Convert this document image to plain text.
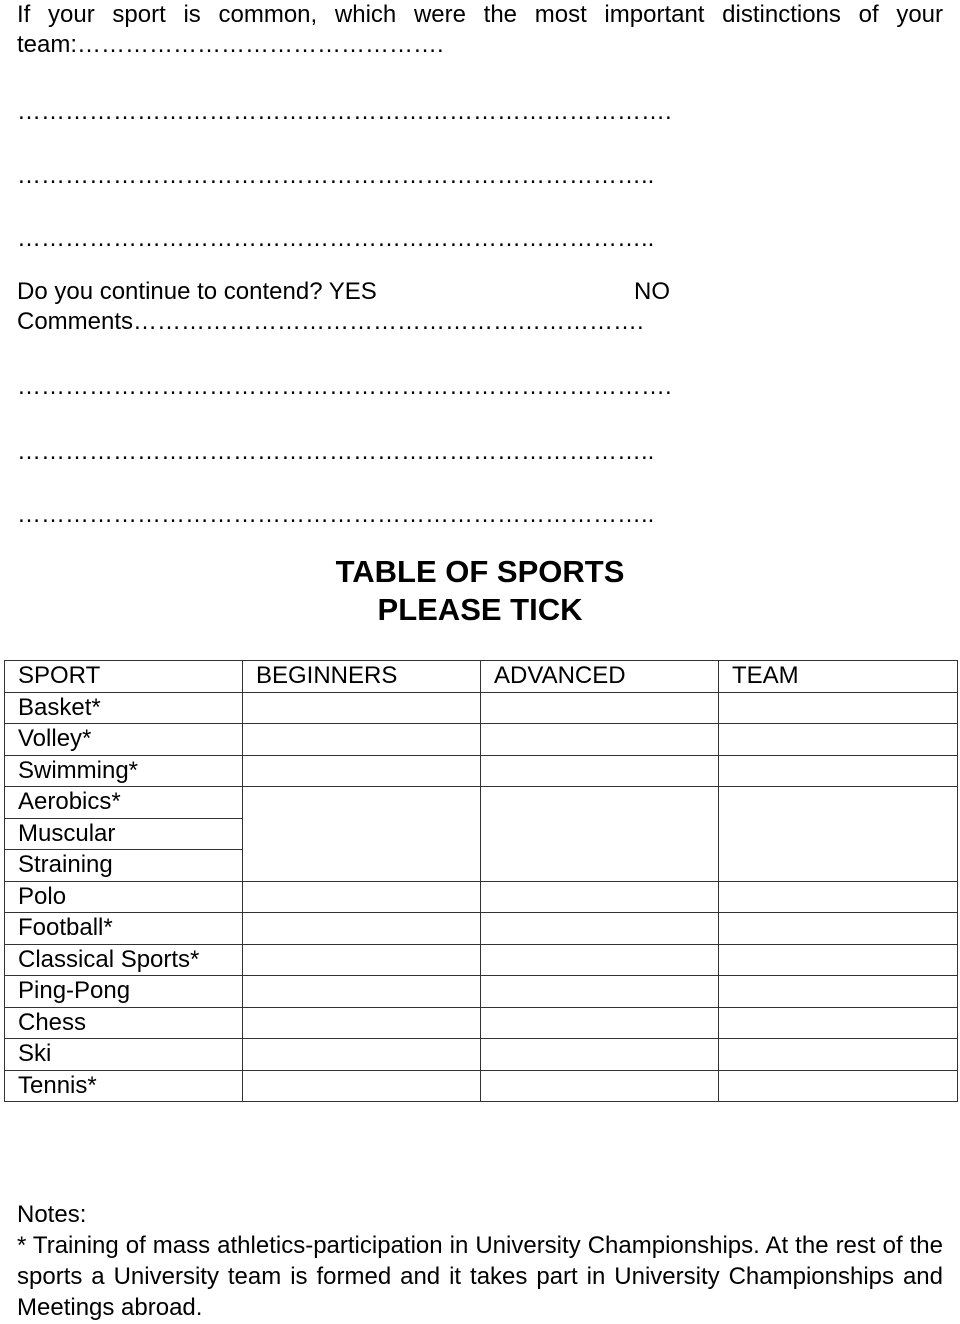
If your sport is common, which were the most important distinctions of your
team:……………………………………….
……………………………………………………………………….
……………………………………………………………………..
……………………………………………………………………..
Do you continue to contend? YES	NO
Comments……………………………………………………….
……………………………………………………………………….
……………………………………………………………………..
……………………………………………………………………..
TABLE OF SPORTS
PLEASE TICK
SPORT	BEGINNERS	ADVANCED	TEAM
Basket*			
Volley*			
Swimming*			
Aerobics*			
Muscular			
Straining			
Polo			
Football*			
Classical Sports*			
Ping-Pong			
Chess			
Ski			
Tennis*			
Notes:
* Training of mass athletics-participation in University Championships. At the rest of the sports a University team is formed and it takes part in University Championships and Meetings abroad.
